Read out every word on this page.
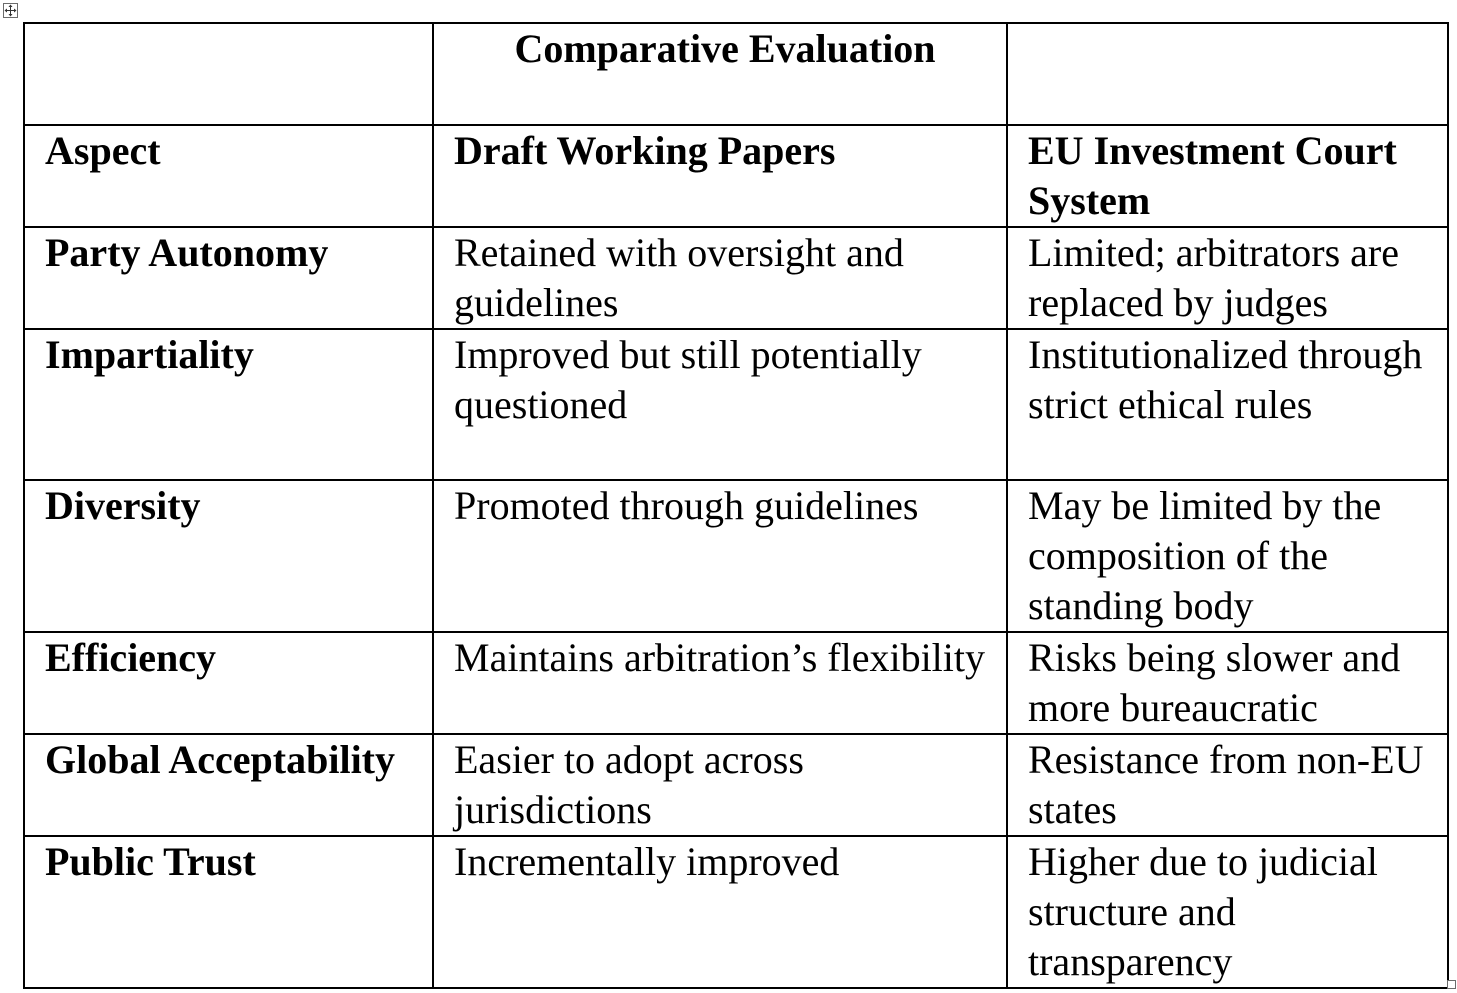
	Comparative Evaluation	
Aspect	Draft Working Papers	EU Investment Court System
Party Autonomy	Retained with oversight and guidelines	Limited; arbitrators are replaced by judges
Impartiality	Improved but still potentially questioned	Institutionalized through strict ethical rules
Diversity	Promoted through guidelines	May be limited by the composition of the standing body
Efficiency	Maintains arbitration’s flexibility	Risks being slower and more bureaucratic
Global Acceptability	Easier to adopt across jurisdictions	Resistance from non-EU states
Public Trust	Incrementally improved	Higher due to judicial structure and transparency
